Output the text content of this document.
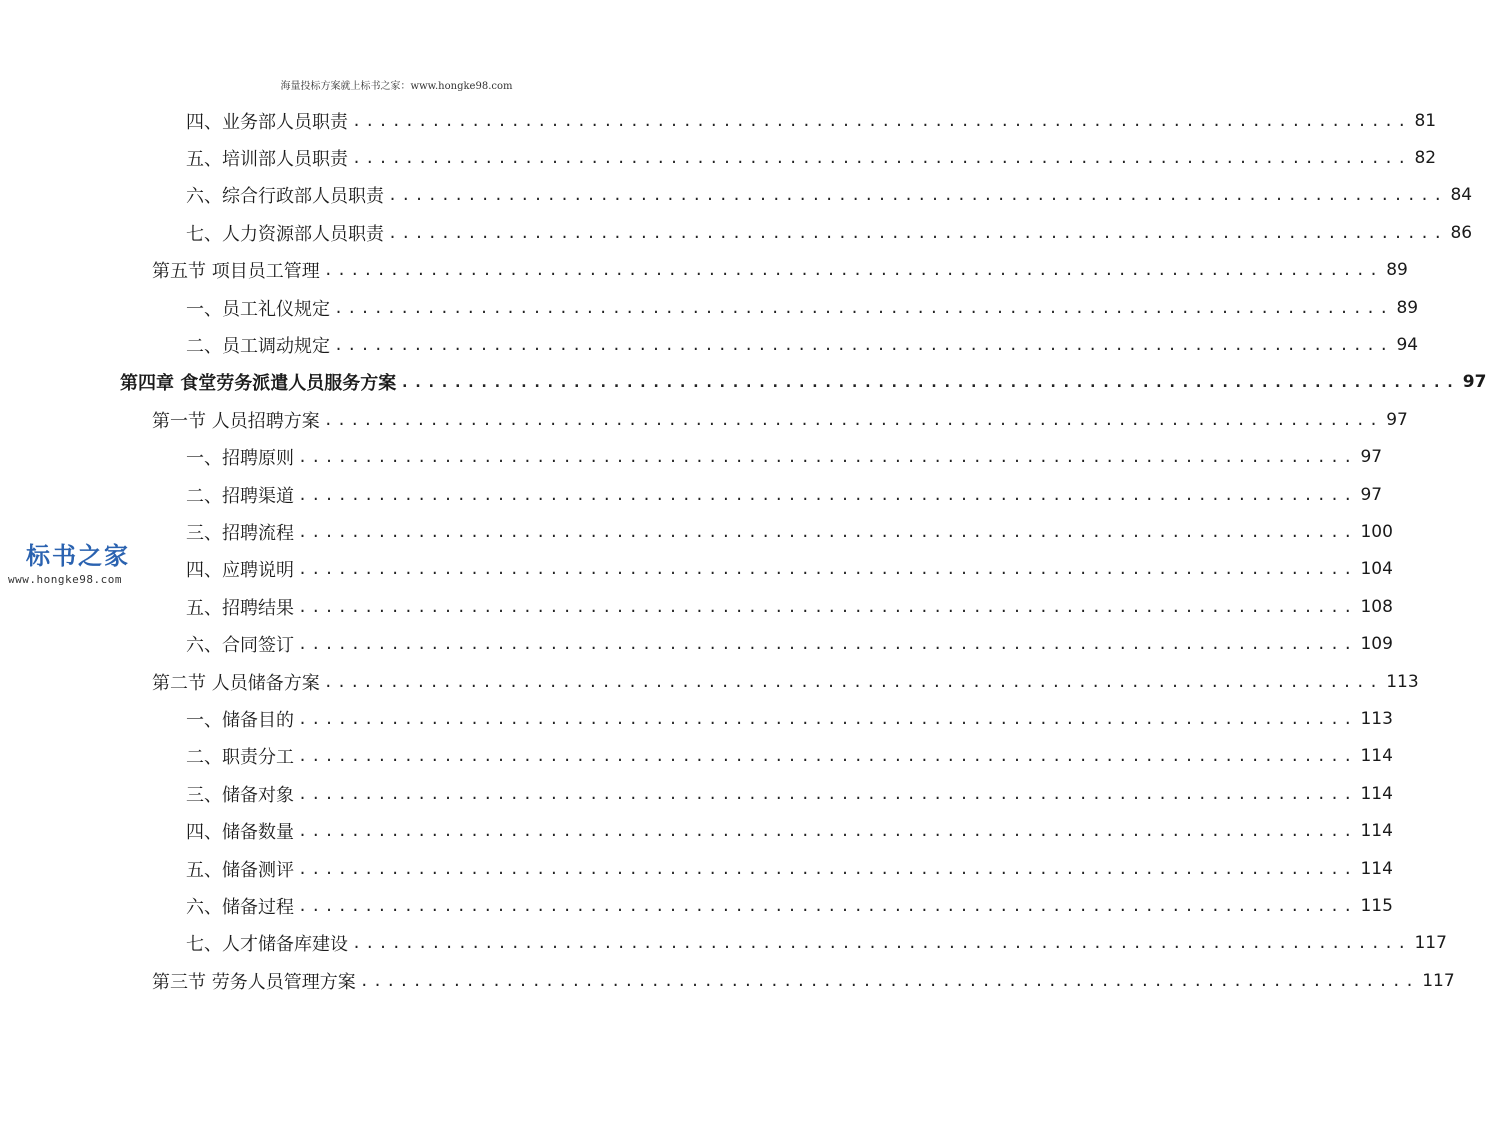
海量投标方案就上标书之家：www.hongke98.com
标书之家
www.hongke98.com
四、业务部人员职责 ................................................................................ 81
五、培训部人员职责 ................................................................................ 82
六、综合行政部人员职责 ................................................................................ 84
七、人力资源部人员职责 ................................................................................ 86
第五节 项目员工管理 ................................................................................ 89
一、员工礼仪规定 ................................................................................ 89
二、员工调动规定 ................................................................................ 94
第四章 食堂劳务派遣人员服务方案 ................................................................................ 97
第一节 人员招聘方案 ................................................................................ 97
一、招聘原则 ................................................................................ 97
二、招聘渠道 ................................................................................ 97
三、招聘流程 ................................................................................ 100
四、应聘说明 ................................................................................ 104
五、招聘结果 ................................................................................ 108
六、合同签订 ................................................................................ 109
第二节 人员储备方案 ................................................................................ 113
一、储备目的 ................................................................................ 113
二、职责分工 ................................................................................ 114
三、储备对象 ................................................................................ 114
四、储备数量 ................................................................................ 114
五、储备测评 ................................................................................ 114
六、储备过程 ................................................................................ 115
七、人才储备库建设 ................................................................................ 117
第三节 劳务人员管理方案 ................................................................................ 117
